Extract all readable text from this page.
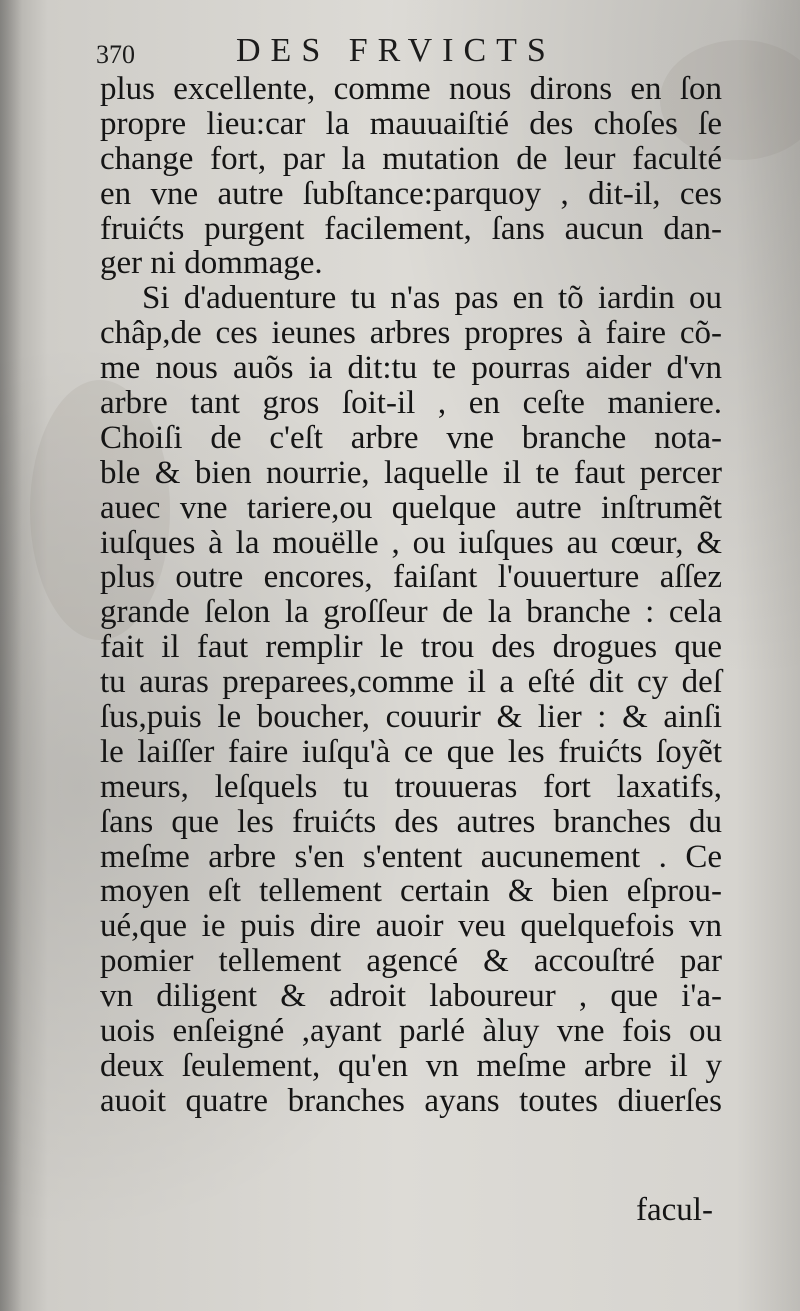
370	DES FRVICTS
plus excellente, comme nous dirons en ſon
propre lieu:car la mauuaiſtié des choſes ſe
change fort, par la mutation de leur faculté
en vne autre ſubſtance:parquoy , dit-il, ces
fruićts purgent facilement, ſans aucun dan-
ger ni dommage.
Si d'aduenture tu n'as pas en tõ iardin ou
châp,de ces ieunes arbres propres à faire cõ-
me nous auõs ia dit:tu te pourras aider d'vn
arbre tant gros ſoit-il , en ceſte maniere.
Choiſi de c'eſt arbre vne branche nota-
ble & bien nourrie, laquelle il te faut percer
auec vne tariere,ou quelque autre inſtrumẽt
iuſques à la mouëlle , ou iuſques au cœur, &
plus outre encores, faiſant l'ouuerture aſſez
grande ſelon la groſſeur de la branche : cela
fait il faut remplir le trou des drogues que
tu auras preparees,comme il a eſté dit cy deſ
ſus,puis le boucher, couurir & lier : & ainſi
le laiſſer faire iuſqu'à ce que les fruićts ſoyẽt
meurs, leſquels tu trouueras fort laxatifs,
ſans que les fruićts des autres branches du
meſme arbre s'en s'entent aucunement . Ce
moyen eſt tellement certain & bien eſprou-
ué,que ie puis dire auoir veu quelquefois vn
pomier tellement agencé & accouſtré par
vn diligent & adroit laboureur , que i'a-
uois enſeigné ,ayant parlé àluy vne fois ou
deux ſeulement, qu'en vn meſme arbre il y
auoit quatre branches ayans toutes diuerſes
facul-
